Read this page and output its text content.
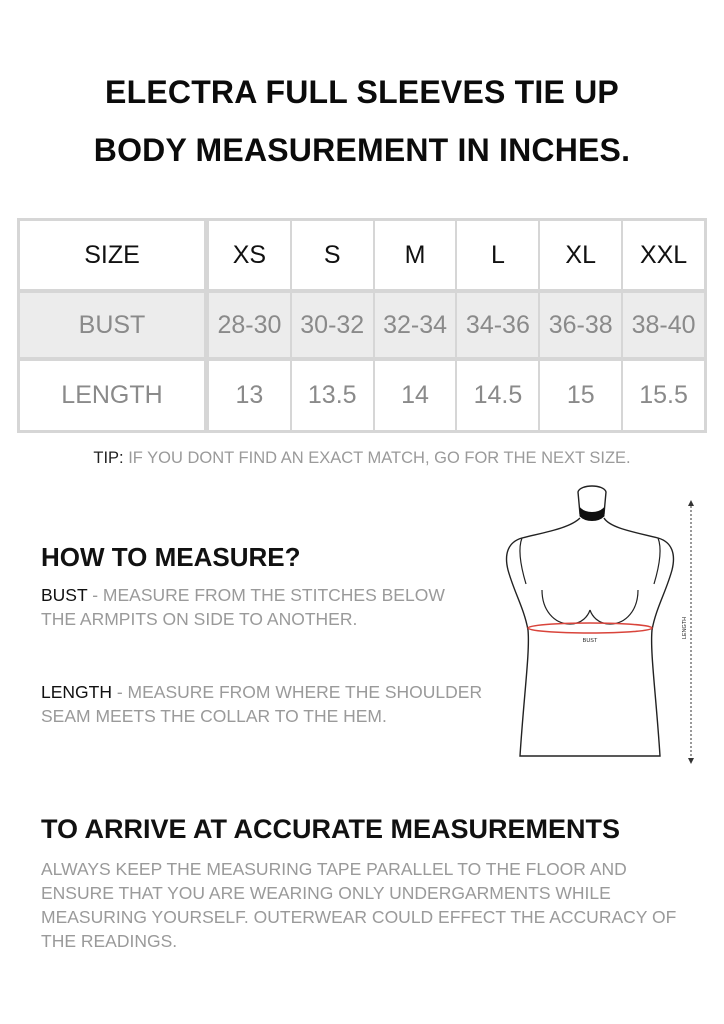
ELECTRA FULL SLEEVES TIE UP
BODY MEASUREMENT IN INCHES.
SIZE	XS	S	M	L	XL	XXL
BUST	28-30	30-32	32-34	34-36	36-38	38-40
LENGTH	13	13.5	14	14.5	15	15.5
TIP: IF YOU DONT FIND AN EXACT MATCH, GO FOR THE NEXT SIZE.
HOW TO MEASURE?
BUST - MEASURE FROM THE STITCHES BELOW THE ARMPITS ON SIDE TO ANOTHER.
LENGTH - MEASURE FROM WHERE THE SHOULDER SEAM MEETS THE COLLAR TO THE HEM.
BUST
LENGTH
TO ARRIVE AT ACCURATE MEASUREMENTS
ALWAYS KEEP THE MEASURING TAPE PARALLEL TO THE FLOOR AND ENSURE THAT YOU ARE WEARING ONLY UNDERGARMENTS WHILE MEASURING YOURSELF. OUTERWEAR COULD EFFECT THE ACCURACY OF THE READINGS.
